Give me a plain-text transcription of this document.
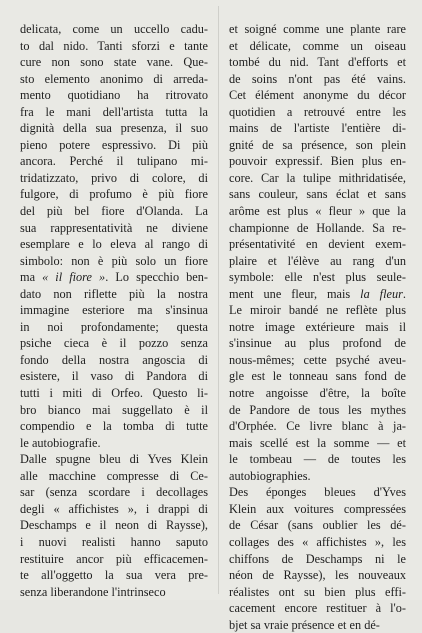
delicata, come un uccello cadu-
to dal nido. Tanti sforzi e tante
cure non sono state vane. Que-
sto elemento anonimo di arreda-
mento quotidiano ha ritrovato
fra le mani dell'artista tutta la
dignità della sua presenza, il suo
pieno potere espressivo. Di più
ancora. Perché il tulipano mi-
tridatizzato, privo di colore, di
fulgore, di profumo è più fiore
del più bel fiore d'Olanda. La
sua rappresentatività ne diviene
esemplare e lo eleva al rango di
simbolo: non è più solo un fiore
ma « il fiore ». Lo specchio ben-
dato non riflette più la nostra
immagine esteriore ma s'insinua
in noi profondamente; questa
psiche cieca è il pozzo senza
fondo della nostra angoscia di
esistere, il vaso di Pandora di
tutti i miti di Orfeo. Questo li-
bro bianco mai suggellato è il
compendio e la tomba di tutte
le autobiografie.
Dalle spugne bleu di Yves Klein
alle macchine compresse di Ce-
sar (senza scordare i decollages
degli « affichistes », i drappi di
Deschamps e il neon di Raysse),
i nuovi realisti hanno saputo
restituire ancor più efficacemen-
te all'oggetto la sua vera pre-
senza liberandone l'intrinseco
et soigné comme une plante rare
et délicate, comme un oiseau
tombé du nid. Tant d'efforts et
de soins n'ont pas été vains.
Cet élément anonyme du décor
quotidien a retrouvé entre les
mains de l'artiste l'entière di-
gnité de sa présence, son plein
pouvoir expressif. Bien plus en-
core. Car la tulipe mithridatisée,
sans couleur, sans éclat et sans
arôme est plus « fleur » que la
championne de Hollande. Sa re-
présentativité en devient exem-
plaire et l'élève au rang d'un
symbole: elle n'est plus seule-
ment une fleur, mais la fleur.
Le miroir bandé ne reflète plus
notre image extérieure mais il
s'insinue au plus profond de
nous-mêmes; cette psyché aveu-
gle est le tonneau sans fond de
notre angoisse d'être, la boîte
de Pandore de tous les mythes
d'Orphée. Ce livre blanc à ja-
mais scellé est la somme — et
le tombeau — de toutes les
autobiographies.
Des éponges bleues d'Yves
Klein aux voitures compressées
de César (sans oublier les dé-
collages des « affichistes », les
chiffons de Deschamps ni le
néon de Raysse), les nouveaux
réalistes ont su bien plus effi-
cacement encore restituer à l'o-
bjet sa vraie présence et en dé-
